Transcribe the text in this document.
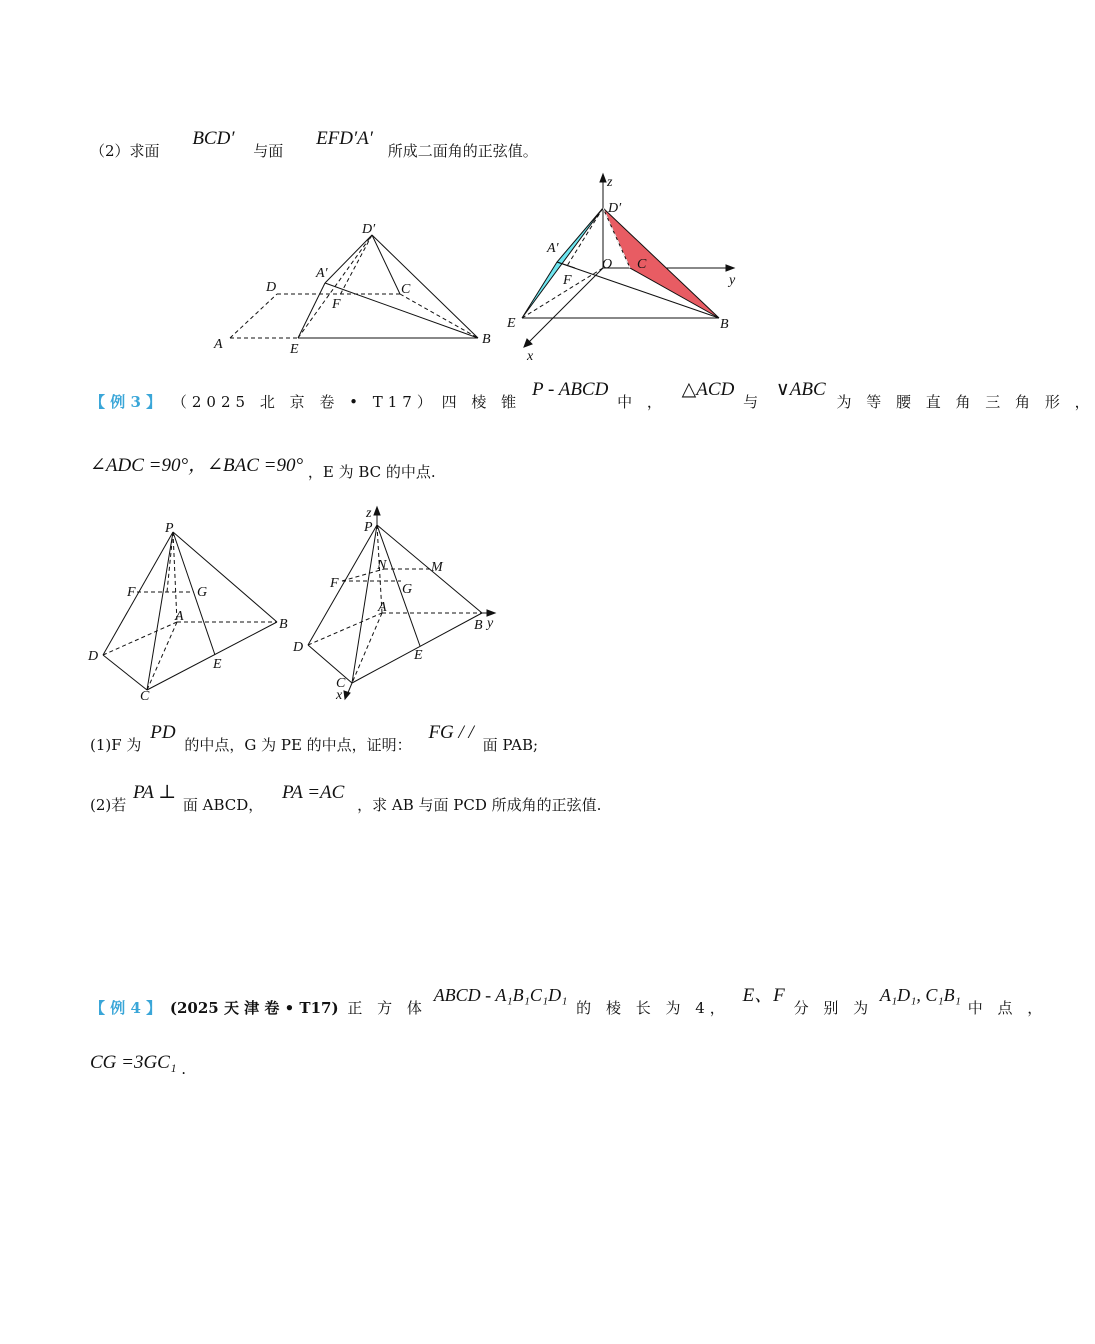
（2）求面 BCD′ 与面 EFD′A′ 所成二面角的正弦值。
D′
A′
D	C
F
A	E
B
z
D′
A′
O C
y
F
E	B
x
【 例 3 】 （2025 北 京 卷 • T17） 四 棱 锥 P - ABCD 中 ， △ACD 与 ∨ABC 为 等 腰 直 角 三 角 形 ，
∠ADC =90°，∠BAC =90° ，E 为 BC 的中点.
P
F	G
A
B
D
E
C
z
P
N	M
F	G
A
B y
D
E
C
x
(1)F 为 PD 的中点，G 为 PE 的中点，证明： FG / / 面 PAB;
(2)若 PA ⊥ 面 ABCD， PA =AC ，求 AB 与面 PCD 所成角的正弦值.
【 例 4 】 (2025 天 津 卷 • T17) 正 方 体 ABCD - A₁B₁C₁D₁ 的 棱 长 为 4， E、F 分 别 为 A₁D₁, C₁B₁ 中 点 ，
CG =3GC₁ .
